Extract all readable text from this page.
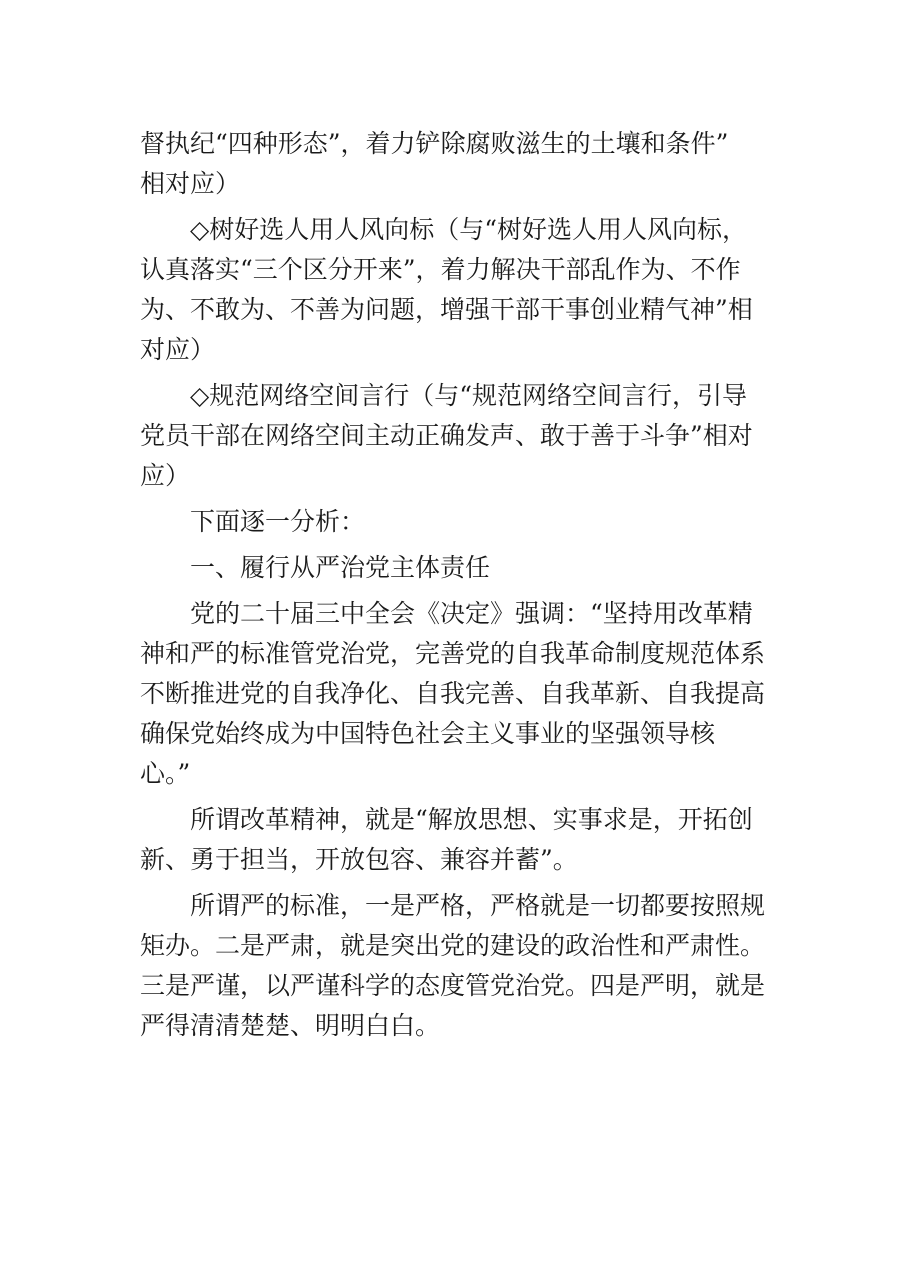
督执纪“四种形态”，着力铲除腐败滋生的土壤和条件”
相对应）
◇树好选人用人风向标（与“树好选人用人风向标，
认真落实“三个区分开来”，着力解决干部乱作为、不作
为、不敢为、不善为问题，增强干部干事创业精气神”相
对应）
◇规范网络空间言行（与“规范网络空间言行，引导
党员干部在网络空间主动正确发声、敢于善于斗争”相对
应）
下面逐一分析：
一、履行从严治党主体责任
党的二十届三中全会《决定》强调：“坚持用改革精
神和严的标准管党治党，完善党的自我革命制度规范体系
不断推进党的自我净化、自我完善、自我革新、自我提高
确保党始终成为中国特色社会主义事业的坚强领导核
心。”
所谓改革精神，就是“解放思想、实事求是，开拓创
新、勇于担当，开放包容、兼容并蓄”。
所谓严的标准，一是严格，严格就是一切都要按照规
矩办。二是严肃，就是突出党的建设的政治性和严肃性。
三是严谨，以严谨科学的态度管党治党。四是严明，就是
严得清清楚楚、明明白白。
